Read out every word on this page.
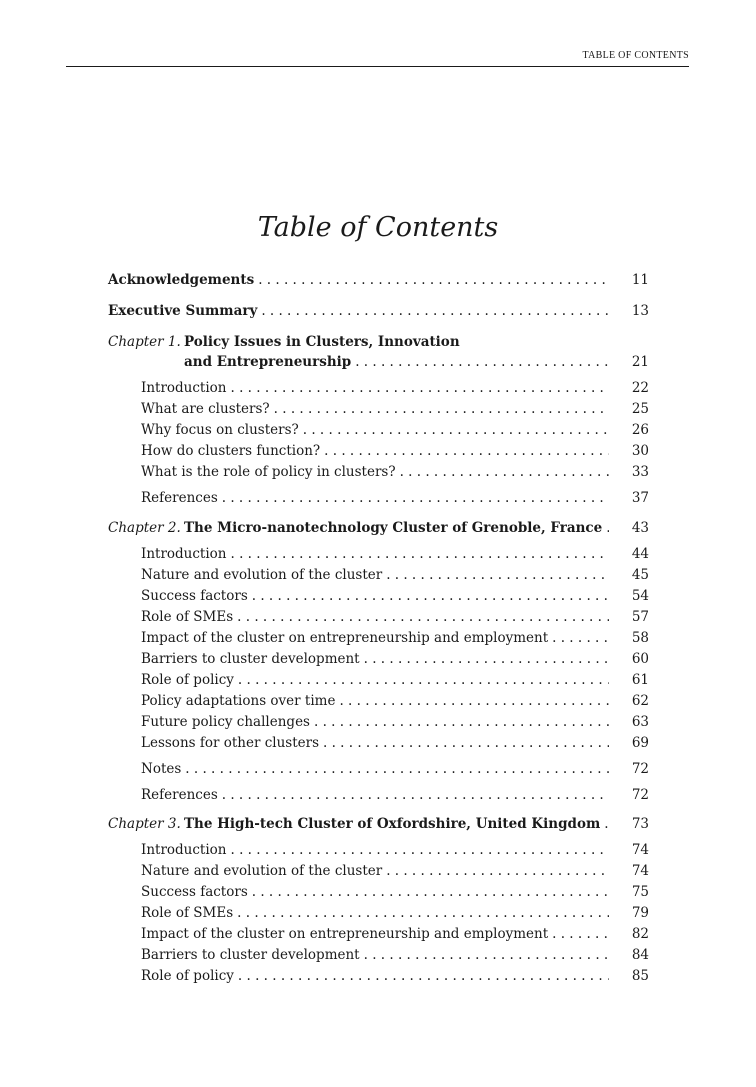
TABLE OF CONTENTS
Table of Contents
Acknowledgements . . .	11
Executive Summary . . .	13
Chapter 1. Policy Issues in Clusters, Innovation
and Entrepreneurship . . .	21
Introduction . . .	22
What are clusters? . . .	25
Why focus on clusters? . . .	26
How do clusters function? . . .	30
What is the role of policy in clusters? . . .	33
References . . .	37
Chapter 2. The Micro-nanotechnology Cluster of Grenoble, France . . .	43
Introduction . . .	44
Nature and evolution of the cluster . . .	45
Success factors . . .	54
Role of SMEs . . .	57
Impact of the cluster on entrepreneurship and employment . . .	58
Barriers to cluster development . . .	60
Role of policy . . .	61
Policy adaptations over time . . .	62
Future policy challenges . . .	63
Lessons for other clusters . . .	69
Notes . . .	72
References . . .	72
Chapter 3. The High-tech Cluster of Oxfordshire, United Kingdom . . .	73
Introduction . . .	74
Nature and evolution of the cluster . . .	74
Success factors . . .	75
Role of SMEs . . .	79
Impact of the cluster on entrepreneurship and employment . . .	82
Barriers to cluster development . . .	84
Role of policy . . .	85
